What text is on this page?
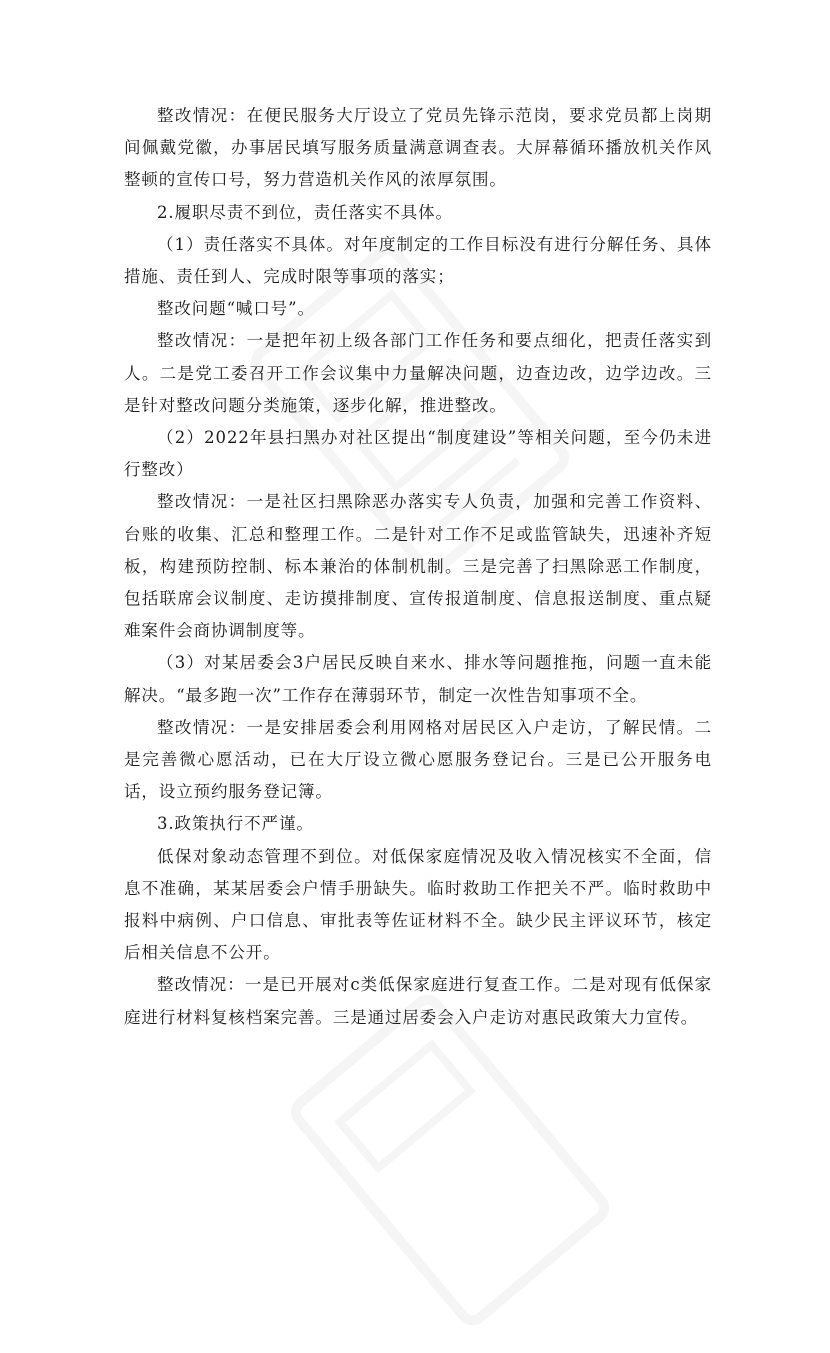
整改情况：在便民服务大厅设立了党员先锋示范岗，要求党员都上岗期间佩戴党徽，办事居民填写服务质量满意调查表。大屏幕循环播放机关作风整顿的宣传口号，努力营造机关作风的浓厚氛围。

2.履职尽责不到位，责任落实不具体。

（1）责任落实不具体。对年度制定的工作目标没有进行分解任务、具体措施、责任到人、完成时限等事项的落实；

整改问题“喊口号”。

整改情况：一是把年初上级各部门工作任务和要点细化，把责任落实到人。二是党工委召开工作会议集中力量解决问题，边查边改，边学边改。三是针对整改问题分类施策，逐步化解，推进整改。

（2）2022年县扫黑办对社区提出“制度建设”等相关问题，至今仍未进行整改）

整改情况：一是社区扫黑除恶办落实专人负责，加强和完善工作资料、台账的收集、汇总和整理工作。二是针对工作不足或监管缺失，迅速补齐短板，构建预防控制、标本兼治的体制机制。三是完善了扫黑除恶工作制度，包括联席会议制度、走访摸排制度、宣传报道制度、信息报送制度、重点疑难案件会商协调制度等。

（3）对某居委会3户居民反映自来水、排水等问题推拖，问题一直未能解决。“最多跑一次”工作存在薄弱环节，制定一次性告知事项不全。

整改情况：一是安排居委会利用网格对居民区入户走访，了解民情。二是完善微心愿活动，已在大厅设立微心愿服务登记台。三是已公开服务电话，设立预约服务登记簿。

3.政策执行不严谨。

低保对象动态管理不到位。对低保家庭情况及收入情况核实不全面，信息不准确，某某居委会户情手册缺失。临时救助工作把关不严。临时救助中报料中病例、户口信息、审批表等佐证材料不全。缺少民主评议环节，核定后相关信息不公开。

整改情况：一是已开展对c类低保家庭进行复查工作。二是对现有低保家庭进行材料复核档案完善。三是通过居委会入户走访对惠民政策大力宣传。
